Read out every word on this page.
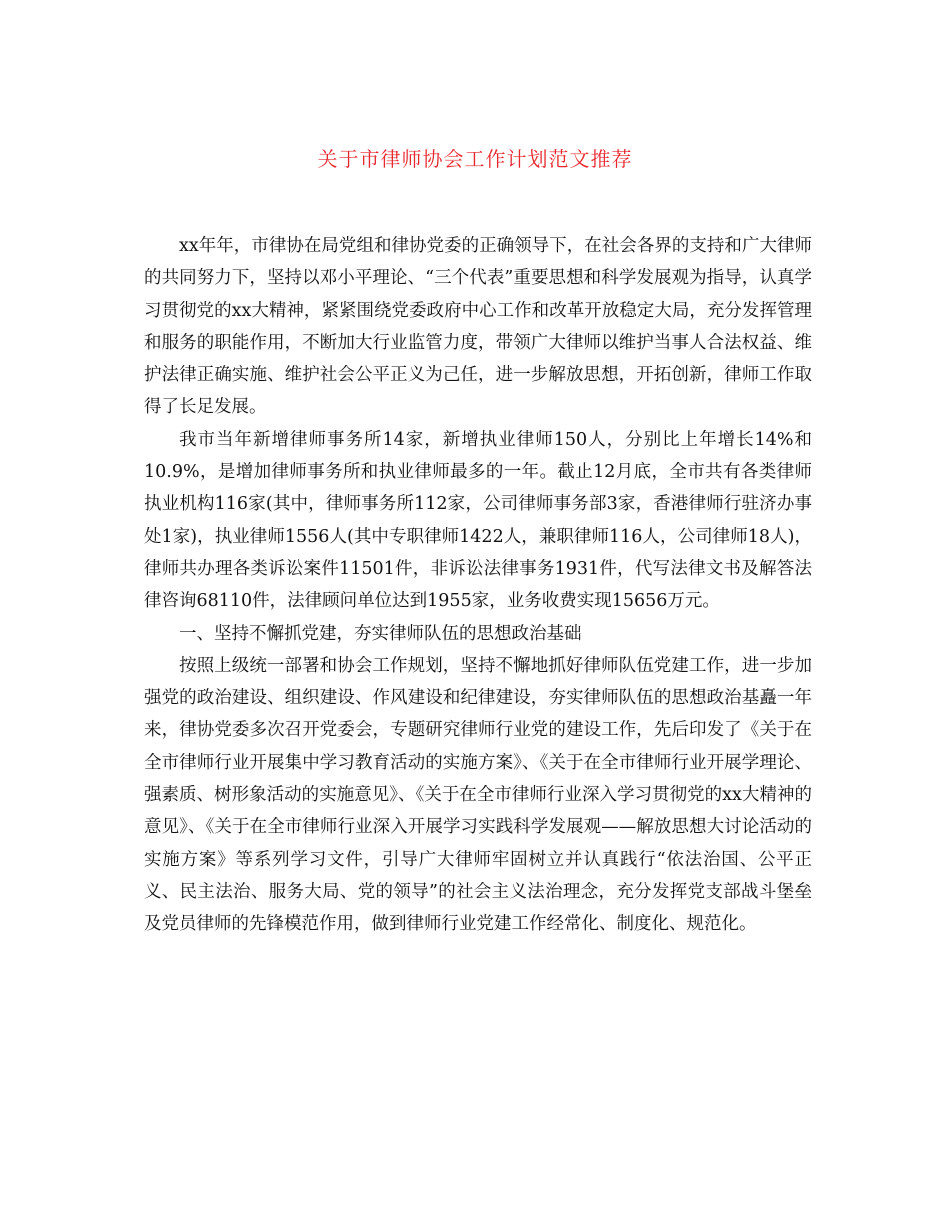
关于市律师协会工作计划范文推荐

xx年年，市律协在局党组和律协党委的正确领导下，在社会各界的支持和广大律师的共同努力下，坚持以邓小平理论、“三个代表”重要思想和科学发展观为指导，认真学习贯彻党的xx大精神，紧紧围绕党委政府中心工作和改革开放稳定大局，充分发挥管理和服务的职能作用，不断加大行业监管力度，带领广大律师以维护当事人合法权益、维护法律正确实施、维护社会公平正义为己任，进一步解放思想，开拓创新，律师工作取得了长足发展。

我市当年新增律师事务所14家，新增执业律师150人，分别比上年增长14%和10.9%，是增加律师事务所和执业律师最多的一年。截止12月底，全市共有各类律师执业机构116家(其中，律师事务所112家，公司律师事务部3家，香港律师行驻济办事处1家)，执业律师1556人(其中专职律师1422人，兼职律师116人，公司律师18人)，律师共办理各类诉讼案件11501件，非诉讼法律事务1931件，代写法律文书及解答法律咨询68110件，法律顾问单位达到1955家，业务收费实现15656万元。

一、坚持不懈抓党建，夯实律师队伍的思想政治基础

按照上级统一部署和协会工作规划，坚持不懈地抓好律师队伍党建工作，进一步加强党的政治建设、组织建设、作风建设和纪律建设，夯实律师队伍的思想政治基矗一年来，律协党委多次召开党委会，专题研究律师行业党的建设工作，先后印发了《关于在全市律师行业开展集中学习教育活动的实施方案》、《关于在全市律师行业开展学理论、强素质、树形象活动的实施意见》、《关于在全市律师行业深入学习贯彻党的xx大精神的意见》、《关于在全市律师行业深入开展学习实践科学发展观——解放思想大讨论活动的实施方案》等系列学习文件，引导广大律师牢固树立并认真践行“依法治国、公平正义、民主法治、服务大局、党的领导”的社会主义法治理念，充分发挥党支部战斗堡垒及党员律师的先锋模范作用，做到律师行业党建工作经常化、制度化、规范化。
